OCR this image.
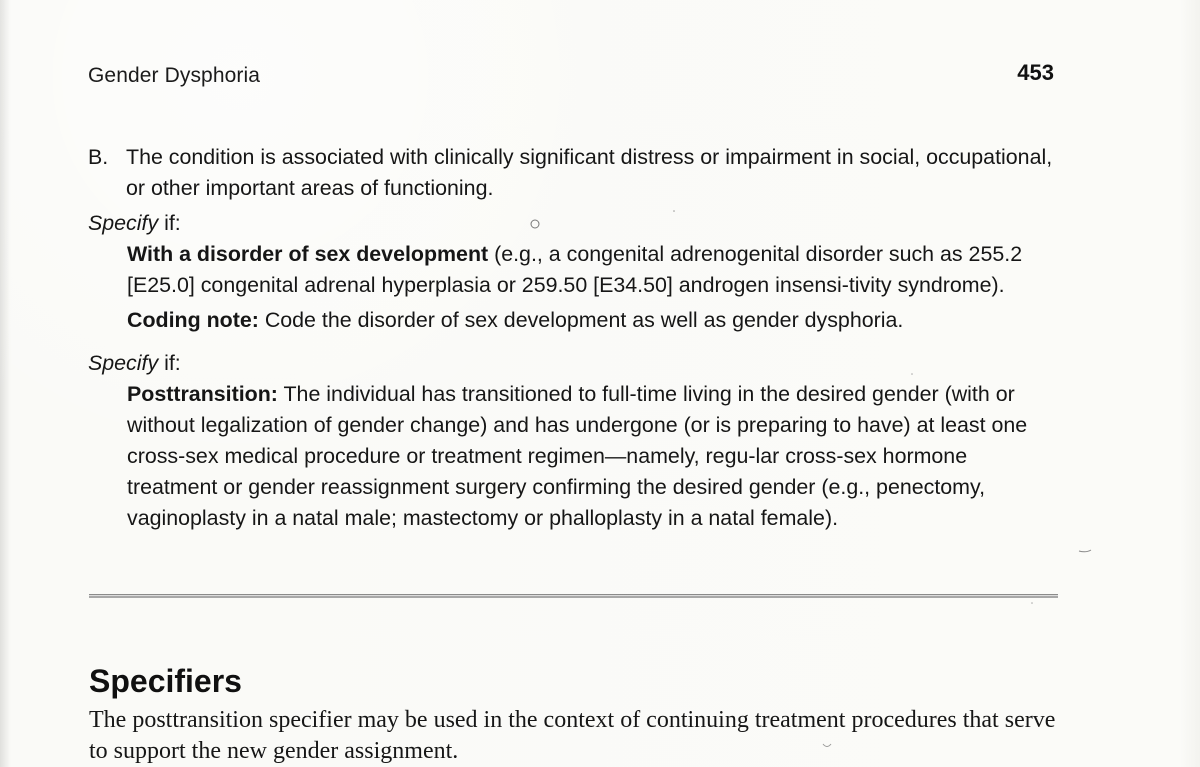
Gender Dysphoria	453
B. The condition is associated with clinically significant distress or impairment in social, occupational, or other important areas of functioning.
Specify if:
With a disorder of sex development (e.g., a congenital adrenogenital disorder such as 255.2 [E25.0] congenital adrenal hyperplasia or 259.50 [E34.50] androgen insensi-tivity syndrome).
Coding note: Code the disorder of sex development as well as gender dysphoria.
Specify if:
Posttransition: The individual has transitioned to full-time living in the desired gender (with or without legalization of gender change) and has undergone (or is preparing to have) at least one cross-sex medical procedure or treatment regimen—namely, regu-lar cross-sex hormone treatment or gender reassignment surgery confirming the desired gender (e.g., penectomy, vaginoplasty in a natal male; mastectomy or phalloplasty in a natal female).
Specifiers

The posttransition specifier may be used in the context of continuing treatment procedures that serve to support the new gender assignment.
